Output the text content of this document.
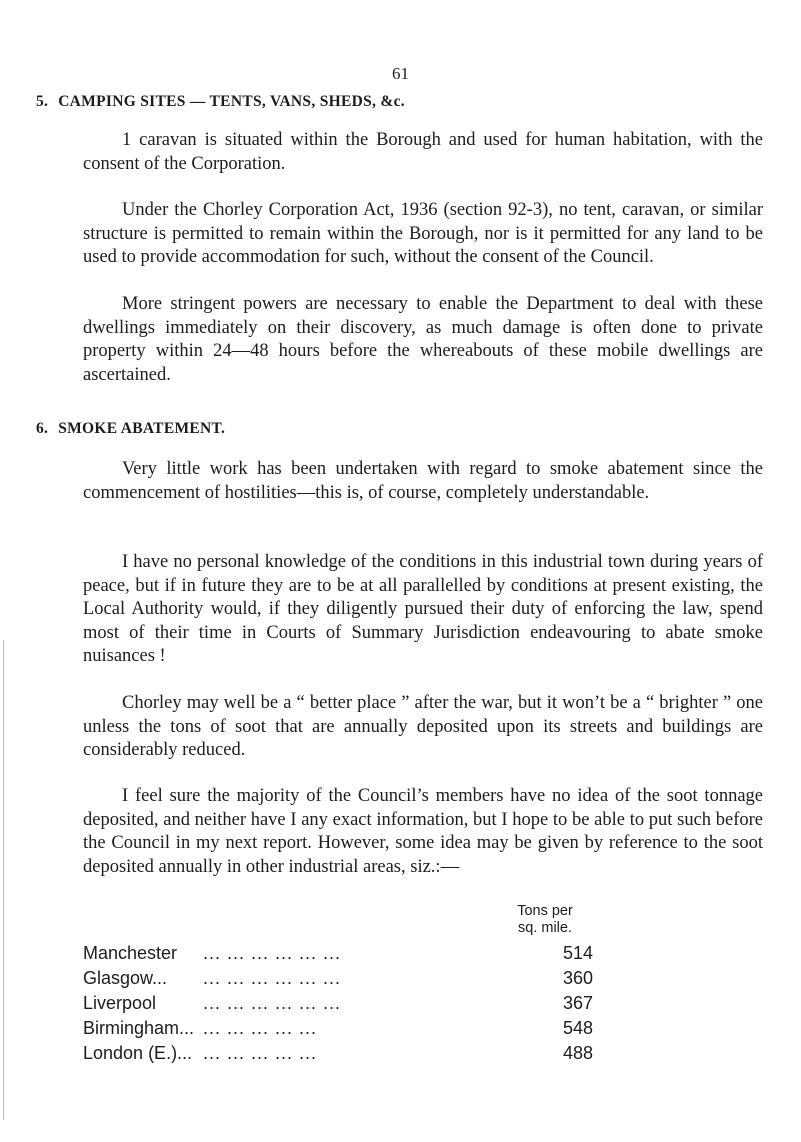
61
5. CAMPING SITES — TENTS, VANS, SHEDS, &c.

1 caravan is situated within the Borough and used for human habitation, with the consent of the Corporation.

Under the Chorley Corporation Act, 1936 (section 92-3), no tent, caravan, or similar structure is permitted to remain within the Borough, nor is it permitted for any land to be used to provide accommodation for such, without the consent of the Council.

More stringent powers are necessary to enable the Department to deal with these dwellings immediately on their discovery, as much damage is often done to private property within 24—48 hours before the whereabouts of these mobile dwellings are ascertained.

6. SMOKE ABATEMENT.

Very little work has been undertaken with regard to smoke abatement since the commencement of hostilities—this is, of course, completely understandable.

I have no personal knowledge of the conditions in this industrial town during years of peace, but if in future they are to be at all parallelled by conditions at present existing, the Local Authority would, if they diligently pursued their duty of enforcing the law, spend most of their time in Courts of Summary Jurisdiction endeavouring to abate smoke nuisances !

Chorley may well be a “ better place ” after the war, but it won’t be a “ brighter ” one unless the tons of soot that are annually deposited upon its streets and buildings are considerably reduced.

I feel sure the majority of the Council’s members have no idea of the soot tonnage deposited, and neither have I any exact information, but I hope to be able to put such before the Council in my next report. However, some idea may be given by reference to the soot deposited annually in other industrial areas, siz.:—

Tons per
sq. mile.
Manchester ... ... ... ... ... ...	514
Glasgow... ... ... ... ... ... ...	360
Liverpool	... ... ... ... ... ...	367
Birmingham... ... ... ... ... ...	548
London (E.)... ... ... ... ... ...	488
